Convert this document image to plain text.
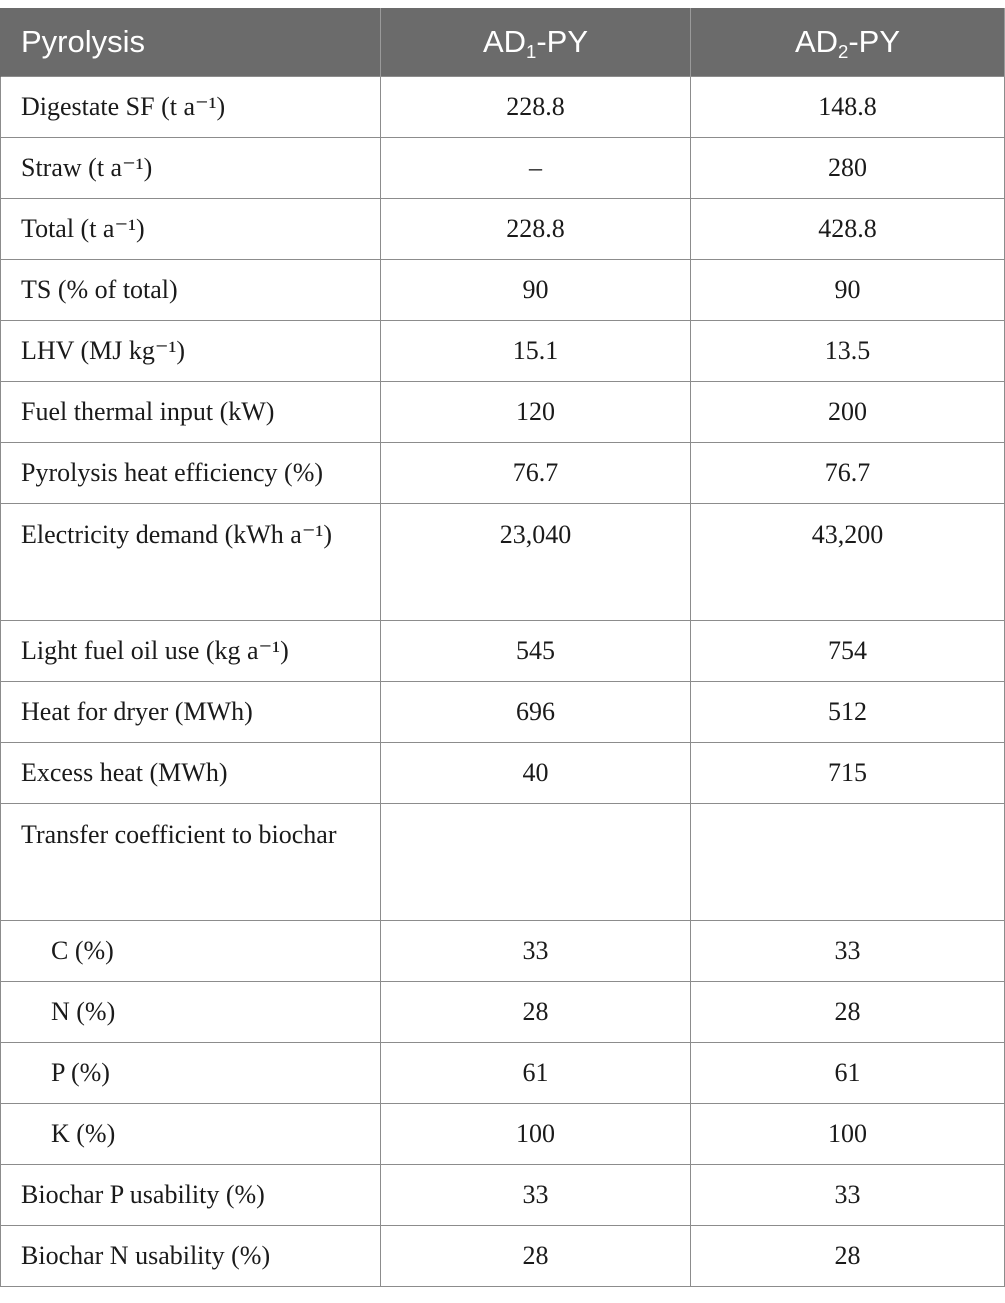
Pyrolysis	AD1-PY	AD2-PY
Digestate SF (t a⁻¹)	228.8	148.8
Straw (t a⁻¹)	–	280
Total (t a⁻¹)	228.8	428.8
TS (% of total)	90	90
LHV (MJ kg⁻¹)	15.1	13.5
Fuel thermal input (kW)	120	200
Pyrolysis heat efficiency (%)	76.7	76.7
Electricity demand (kWh a⁻¹)	23,040	43,200
Light fuel oil use (kg a⁻¹)	545	754
Heat for dryer (MWh)	696	512
Excess heat (MWh)	40	715
Transfer coefficient to biochar		
C (%)	33	33
N (%)	28	28
P (%)	61	61
K (%)	100	100
Biochar P usability (%)	33	33
Biochar N usability (%)	28	28
